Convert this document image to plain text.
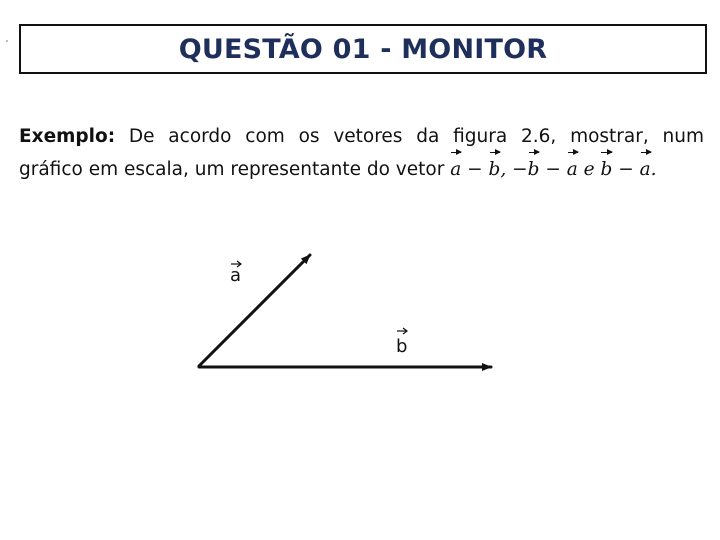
QUESTÃO 01 - MONITOR
Exemplo: De acordo com os vetores da figura 2.6, mostrar, num
gráfico em escala, um representante do vetor a − b, −b − a e b − a.
a
b
